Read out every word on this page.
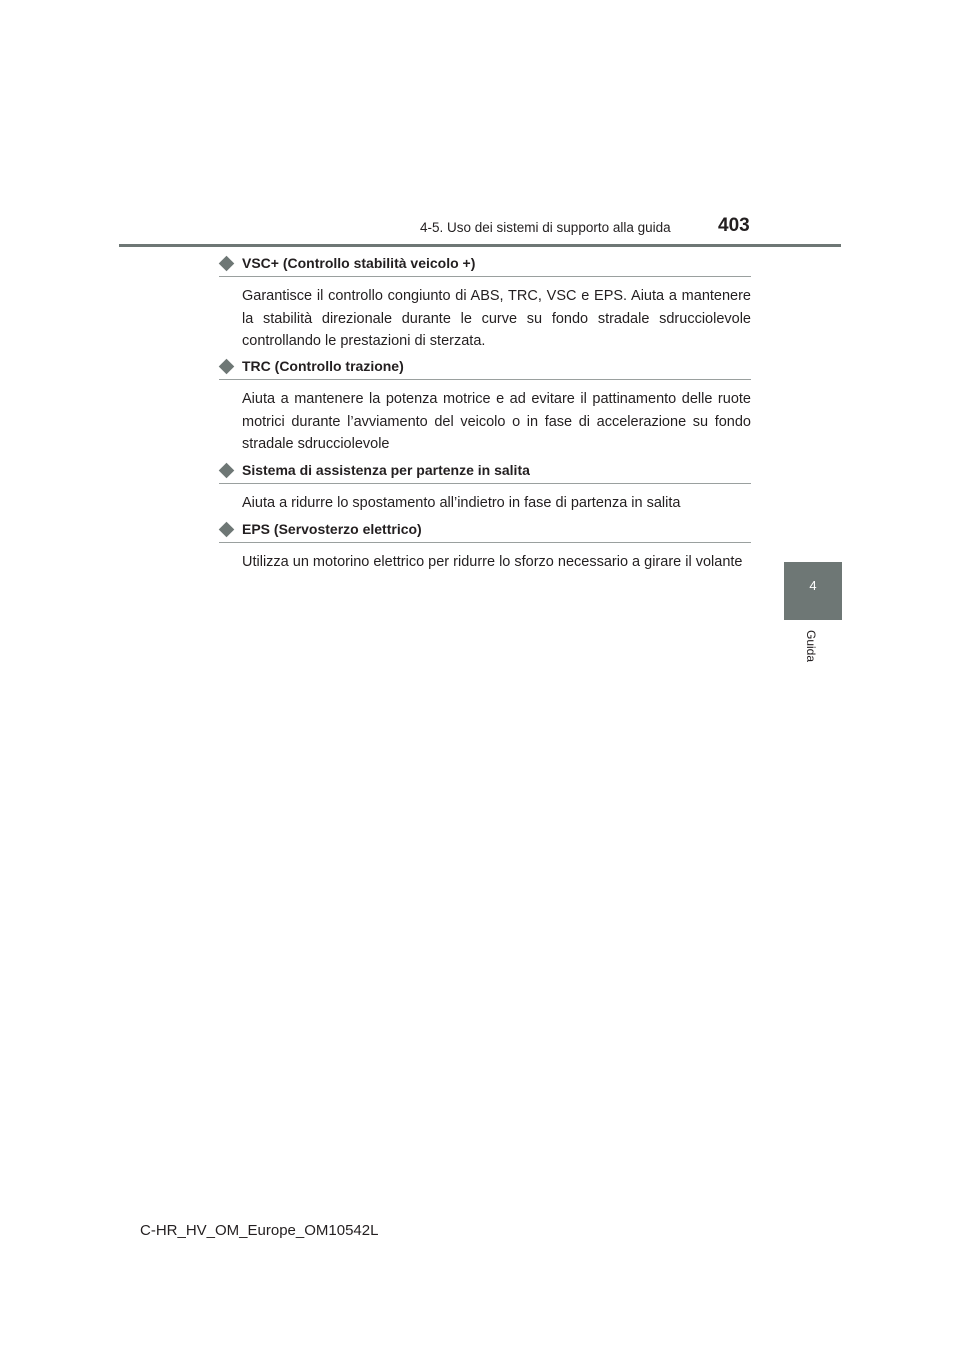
4-5. Uso dei sistemi di supporto alla guida 403
4
Guida
VSC+ (Controllo stabilità veicolo +)
Garantisce il controllo congiunto di ABS, TRC, VSC e EPS. Aiuta a mantenere la stabilità direzionale durante le curve su fondo stradale sdrucciolevole controllando le prestazioni di sterzata.
TRC (Controllo trazione)
Aiuta a mantenere la potenza motrice e ad evitare il pattinamento delle ruote motrici durante l’avviamento del veicolo o in fase di accelerazione su fondo stradale sdrucciolevole
Sistema di assistenza per partenze in salita
Aiuta a ridurre lo spostamento all’indietro in fase di partenza in salita
EPS (Servosterzo elettrico)
Utilizza un motorino elettrico per ridurre lo sforzo necessario a girare il volante
C-HR_HV_OM_Europe_OM10542L
